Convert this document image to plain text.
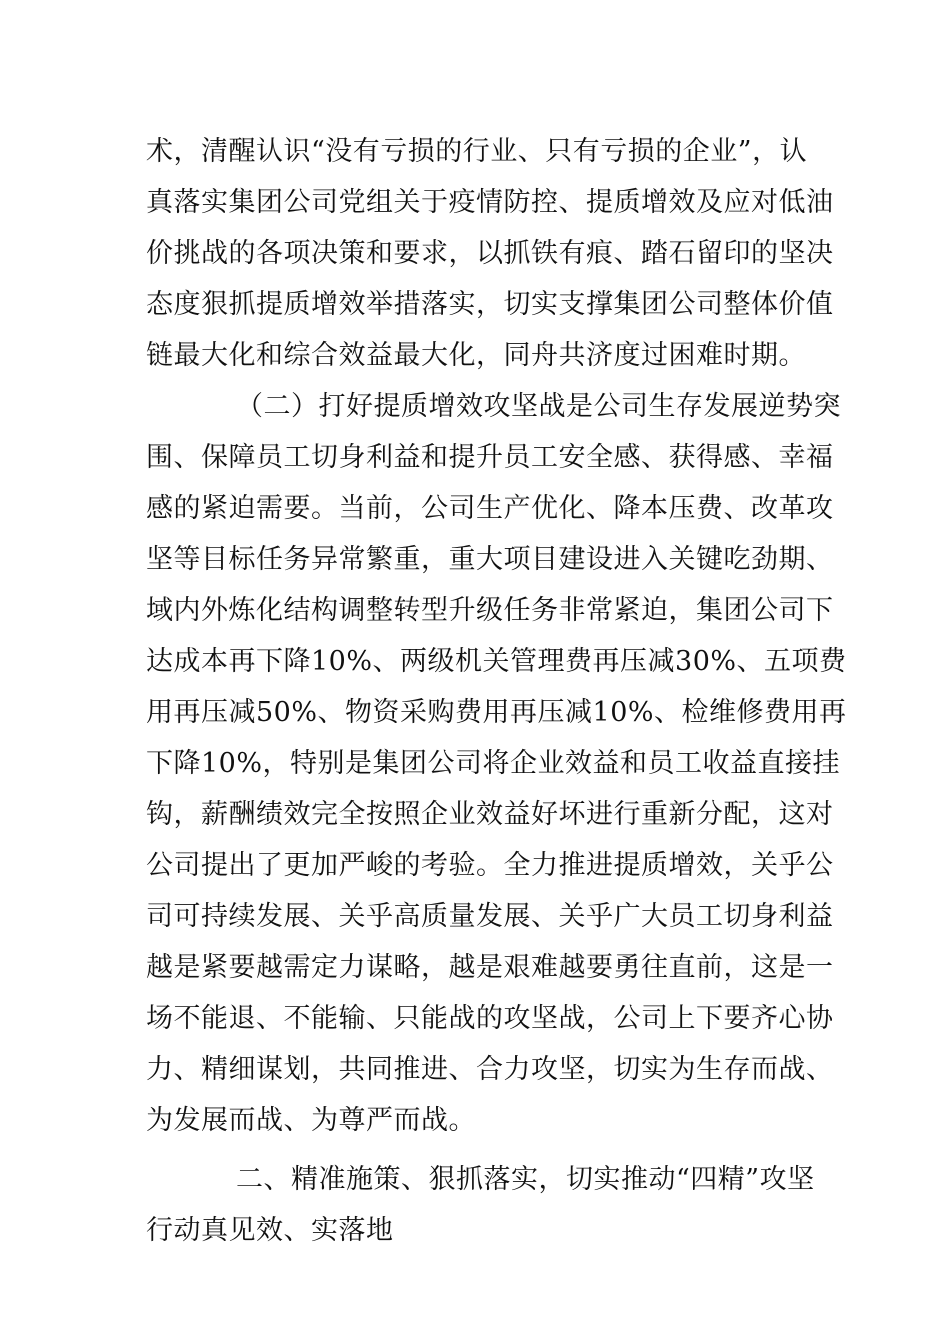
术，清醒认识“没有亏损的行业、只有亏损的企业”，认
真落实集团公司党组关于疫情防控、提质增效及应对低油
价挑战的各项决策和要求，以抓铁有痕、踏石留印的坚决
态度狠抓提质增效举措落实，切实支撑集团公司整体价值
链最大化和综合效益最大化，同舟共济度过困难时期。
（二）打好提质增效攻坚战是公司生存发展逆势突
围、保障员工切身利益和提升员工安全感、获得感、幸福
感的紧迫需要。当前，公司生产优化、降本压费、改革攻
坚等目标任务异常繁重，重大项目建设进入关键吃劲期、
域内外炼化结构调整转型升级任务非常紧迫，集团公司下
达成本再下降10%、两级机关管理费再压减30%、五项费
用再压减50%、物资采购费用再压减10%、检维修费用再
下降10%，特别是集团公司将企业效益和员工收益直接挂
钩，薪酬绩效完全按照企业效益好坏进行重新分配，这对
公司提出了更加严峻的考验。全力推进提质增效，关乎公
司可持续发展、关乎高质量发展、关乎广大员工切身利益
越是紧要越需定力谋略，越是艰难越要勇往直前，这是一
场不能退、不能输、只能战的攻坚战，公司上下要齐心协
力、精细谋划，共同推进、合力攻坚，切实为生存而战、
为发展而战、为尊严而战。
二、精准施策、狠抓落实，切实推动“四精”攻坚
行动真见效、实落地
